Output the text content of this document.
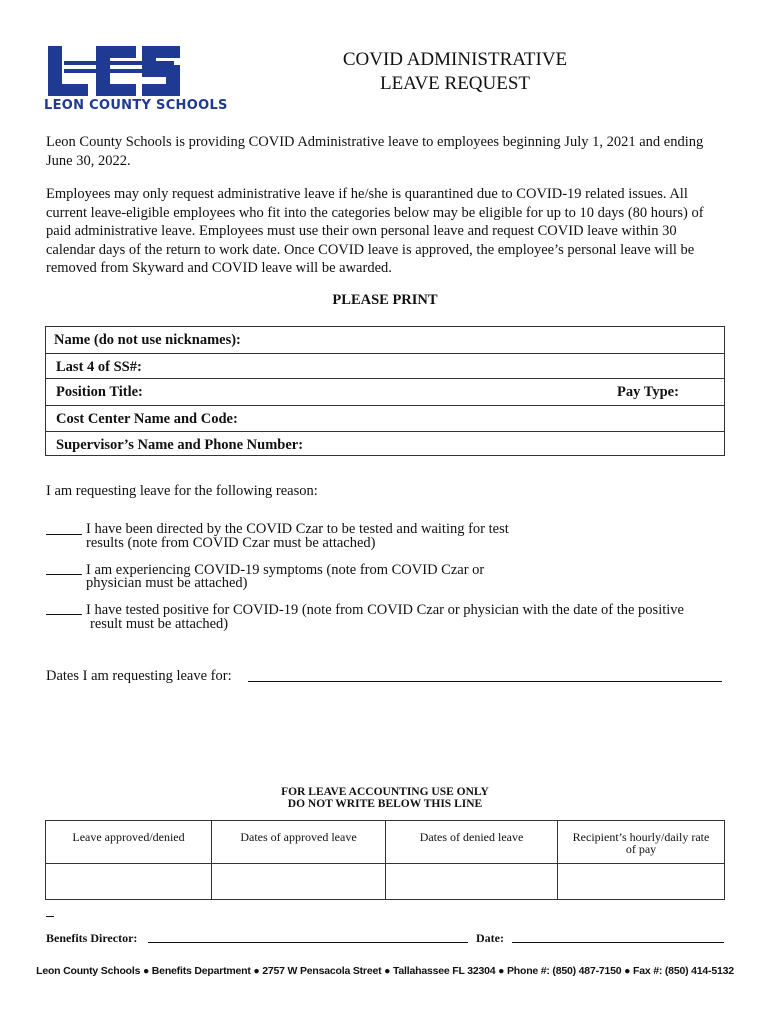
LEON COUNTY SCHOOLS
COVID ADMINISTRATIVE
LEAVE REQUEST
Leon County Schools is providing COVID Administrative leave to employees beginning July 1, 2021 and ending June 30, 2022.
Employees may only request administrative leave if he/she is quarantined due to COVID-19 related issues. All current leave-eligible employees who fit into the categories below may be eligible for up to 10 days (80 hours) of paid administrative leave. Employees must use their own personal leave and request COVID leave within 30 calendar days of the return to work date. Once COVID leave is approved, the employee’s personal leave will be removed from Skyward and COVID leave will be awarded.
PLEASE PRINT
Name (do not use nicknames):
Last 4 of SS#:
Position Title:	Pay Type:
Cost Center Name and Code:
Supervisor’s Name and Phone Number:
I am requesting leave for the following reason:
I have been directed by the COVID Czar to be tested and waiting for test
results (note from COVID Czar must be attached)
I am experiencing COVID-19 symptoms (note from COVID Czar or
physician must be attached)
I have tested positive for COVID-19 (note from COVID Czar or physician with the date of the positive
result must be attached)
Dates I am requesting leave for:
FOR LEAVE ACCOUNTING USE ONLY
DO NOT WRITE BELOW THIS LINE
Leave approved/denied	Dates of approved leave	Dates of denied leave	Recipient’s hourly/daily rate
of pay
Benefits Director:	Date:
Leon County Schools ● Benefits Department ● 2757 W Pensacola Street ● Tallahassee FL 32304 ● Phone #: (850) 487-7150 ● Fax #: (850) 414-5132
